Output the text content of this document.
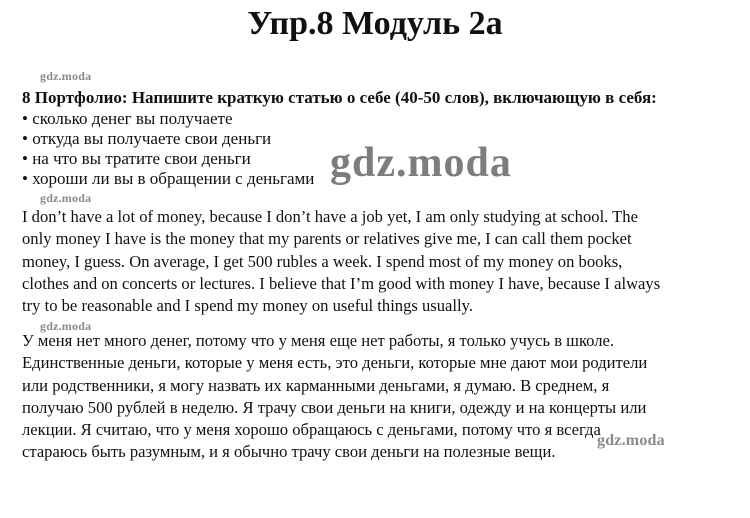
Упр.8 Модуль 2а
gdz.moda
8 Портфолио: Напишите краткую статью о себе (40-50 слов), включающую в себя:
• сколько денег вы получаете
• откуда вы получаете свои деньги
• на что вы тратите свои деньги
• хороши ли вы в обращении с деньгами gdz.moda
gdz.moda
I don’t have a lot of money, because I don’t have a job yet, I am only studying at school. The
only money I have is the money that my parents or relatives give me, I can call them pocket
money, I guess. On average, I get 500 rubles a week. I spend most of my money on books,
clothes and on concerts or lectures. I believe that I’m good with money I have, because I always
try to be reasonable and I spend my money on useful things usually.
gdz.moda
У меня нет много денег, потому что у меня еще нет работы, я только учусь в школе.
Единственные деньги, которые у меня есть, это деньги, которые мне дают мои родители
или родственники, я могу назвать их карманными деньгами, я думаю. В среднем, я
получаю 500 рублей в неделю. Я трачу свои деньги на книги, одежду и на концерты или
лекции. Я считаю, что у меня хорошо обращаюсь с деньгами, потому что я всегда
стараюсь быть разумным, и я обычно трачу свои деньги на полезные вещи.
gdz.moda
